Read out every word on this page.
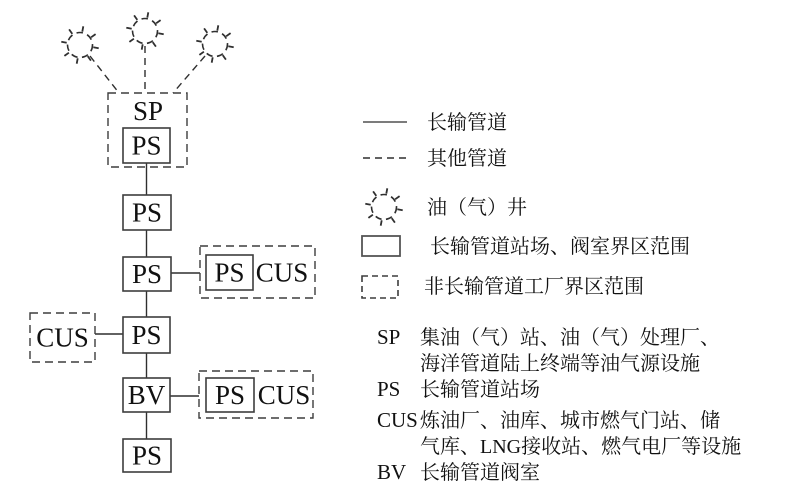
SP
PS
PS
PS
PS
BV
PS
PS CUS
CUS
PS CUS
长输管道
其他管道
油（气）井
长输管道站场、阀室界区范围
非长输管道工厂界区范围
SP 集油（气）站、油（气）处理厂、
海洋管道陆上终端等油气源设施
PS 长输管道站场
CUS 炼油厂、油库、城市燃气门站、储
气库、LNG接收站、燃气电厂等设施
BV 长输管道阀室
